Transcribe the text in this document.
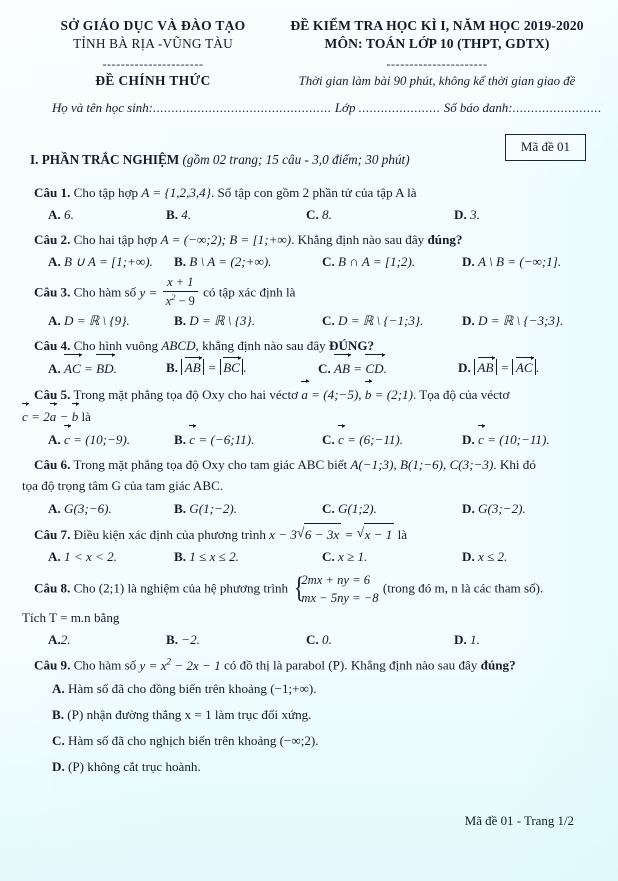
SỞ GIÁO DỤC VÀ ĐÀO TẠO
TỈNH BÀ RỊA -VŨNG TÀU
----------------------
ĐỀ CHÍNH THỨC
ĐỀ KIỂM TRA HỌC KÌ I, NĂM HỌC 2019-2020
MÔN: TOÁN LỚP 10 (THPT, GDTX)
----------------------
Thời gian làm bài 90 phút, không kể thời gian giao đề
Họ và tên học sinh:................................................ Lớp ...................... Số báo danh:........................
Mã đề 01
I. PHẦN TRẮC NGHIỆM (gồm 02 trang; 15 câu - 3,0 điểm; 30 phút)
Câu 1. Cho tập hợp A = {1,2,3,4}. Số tập con gồm 2 phần tử của tập A là
A. 6.	B. 4.	C. 8.	D. 3.
Câu 2. Cho hai tập hợp A = (−∞;2); B = [1;+∞). Khẳng định nào sau đây đúng?
A. B ∪ A = [1;+∞).	B. B \ A = (2;+∞).	C. B ∩ A = [1;2).	D. A \ B = (−∞;1].
Câu 3. Cho hàm số $y = \frac{x + 1}{x^2 - 9}$ có tập xác định là
A. D = ℝ \ {9}.	B. D = ℝ \ {3}.	C. D = ℝ \ {−1;3}.	D. D = ℝ \ {−3;3}.
Câu 4. Cho hình vuông ABCD, khẳng định nào sau đây ĐÚNG?
A. AC = BD.	B. AB = BC .	C. AB = CD.	D. AB = AC .
Câu 5. Trong mặt phẳng tọa độ Oxy cho hai véctơ a = (4;−5), b = (2;1). Tọa độ của véctơ
c = 2a − b là
A. c = (10;−9).	B. c = (−6;11).	C. c = (6;−11).	D. c = (10;−11).
Câu 6. Trong mặt phẳng tọa độ Oxy cho tam giác ABC biết A(−1;3), B(1;−6), C(3;−3). Khi đó
tọa độ trọng tâm G của tam giác ABC.
A. G(3;−6).	B. G(1;−2).	C. G(1;2).	D. G(3;−2).
Câu 7. Điều kiện xác định của phương trình x − 3 √ 6 − 3x = √ x − 1 là
A. 1 < x < 2.	B. 1 ≤ x ≤ 2.	C. x ≥ 1.	D. x ≤ 2.
Câu 8. Cho (2;1) là nghiệm của hệ phương trình
{ 2mx + ny = 6
mx − 5ny = −8
(trong đó m, n là các tham số).
Tích T = m.n bằng
A.2.	B. −2.	C. 0.	D. 1.
Câu 9. Cho hàm số $y = x^2 - 2x - 1$ có đồ thị là parabol (P). Khẳng định nào sau đây đúng?
A. Hàm số đã cho đồng biến trên khoảng (−1;+∞).
B. (P) nhận đường thẳng x = 1 làm trục đối xứng.
C. Hàm số đã cho nghịch biến trên khoảng (−∞;2).
D. (P) không cắt trục hoành.
Mã đề 01 - Trang 1/2
